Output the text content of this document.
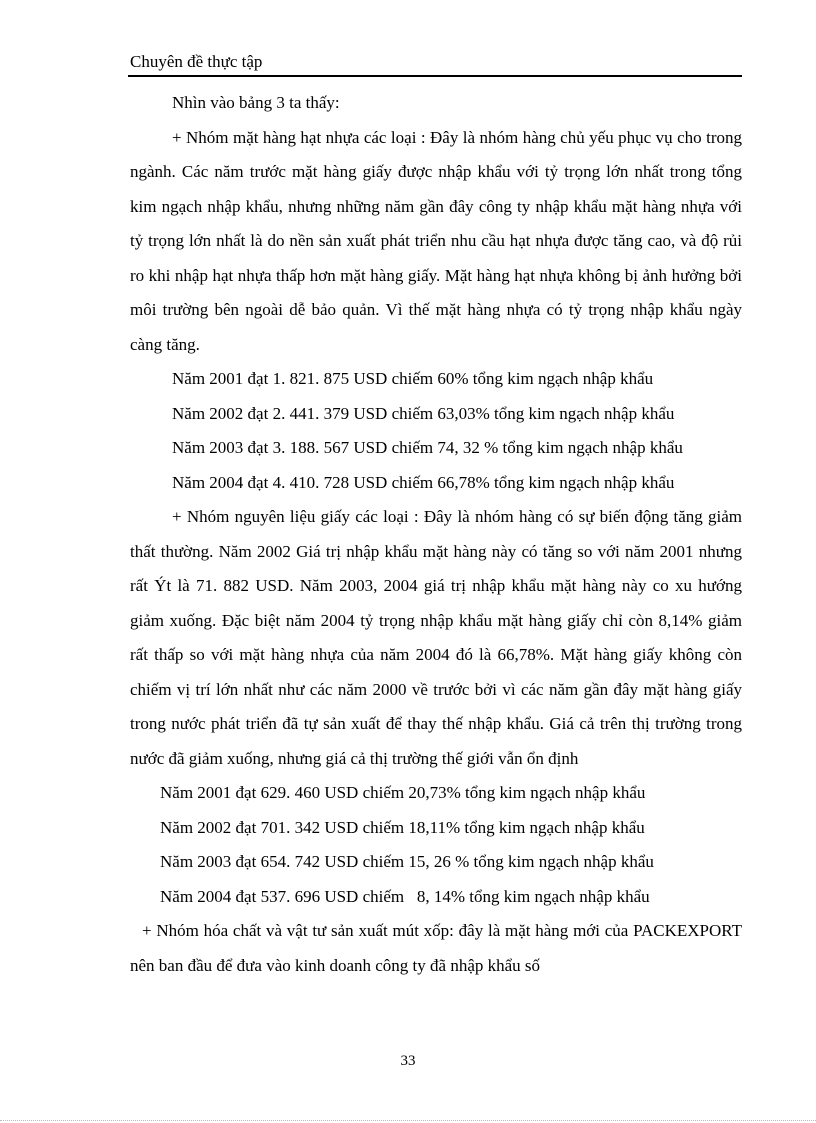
Chuyên đề thực tập

Nhìn vào bảng 3 ta thấy:

+ Nhóm mặt hàng hạt nhựa các loại : Đây là nhóm hàng chủ yếu phục vụ cho trong ngành. Các năm trước mặt hàng giấy được nhập khẩu với tỷ trọng lớn nhất trong tổng kim ngạch nhập khẩu, nhưng những năm gần đây công ty nhập khẩu mặt hàng nhựa với tỷ trọng lớn nhất là do nền sản xuất phát triển nhu cầu hạt nhựa được tăng cao, và độ rủi ro khi nhập hạt nhựa thấp hơn mặt hàng giấy. Mặt hàng hạt nhựa không bị ảnh hưởng bởi môi trường bên ngoài dễ bảo quản. Vì thế mặt hàng nhựa có tỷ trọng nhập khẩu ngày càng tăng.

Năm 2001 đạt 1. 821. 875 USD chiếm 60% tổng kim ngạch nhập khẩu

Năm 2002 đạt 2. 441. 379 USD chiếm 63,03% tổng kim ngạch nhập khẩu

Năm 2003 đạt 3. 188. 567 USD chiếm 74, 32 % tổng kim ngạch nhập khẩu

Năm 2004 đạt 4. 410. 728 USD chiếm 66,78% tổng kim ngạch nhập khẩu

+ Nhóm nguyên liệu giấy các loại : Đây là nhóm hàng có sự biến động tăng giảm thất thường. Năm 2002 Giá trị nhập khẩu mặt hàng này có tăng so với năm 2001 nhưng rất Ýt là 71. 882 USD. Năm 2003, 2004 giá trị nhập khẩu mặt hàng này co xu hướng giảm xuống. Đặc biệt năm 2004 tỷ trọng nhập khẩu mặt hàng giấy chỉ còn 8,14% giảm rất thấp so với mặt hàng nhựa của năm 2004 đó là 66,78%. Mặt hàng giấy không còn chiếm vị trí lớn nhất như các năm 2000 về trước bởi vì các năm gần đây mặt hàng giấy trong nước phát triển đã tự sản xuất để thay thế nhập khẩu. Giá cả trên thị trường trong nước đã giảm xuống, nhưng giá cả thị trường thế giới vẫn ổn định

Năm 2001 đạt 629. 460 USD chiếm 20,73% tổng kim ngạch nhập khẩu

Năm 2002 đạt 701. 342 USD chiếm 18,11% tổng kim ngạch nhập khẩu

Năm 2003 đạt 654. 742 USD chiếm 15, 26 % tổng kim ngạch nhập khẩu

Năm 2004 đạt 537. 696 USD chiếm   8, 14% tổng kim ngạch nhập khẩu

+ Nhóm hóa chất và vật tư sản xuất mút xốp: đây là mặt hàng mới của PACKEXPORT nên ban đầu để đưa vào kinh doanh công ty đã nhập khẩu số

33
